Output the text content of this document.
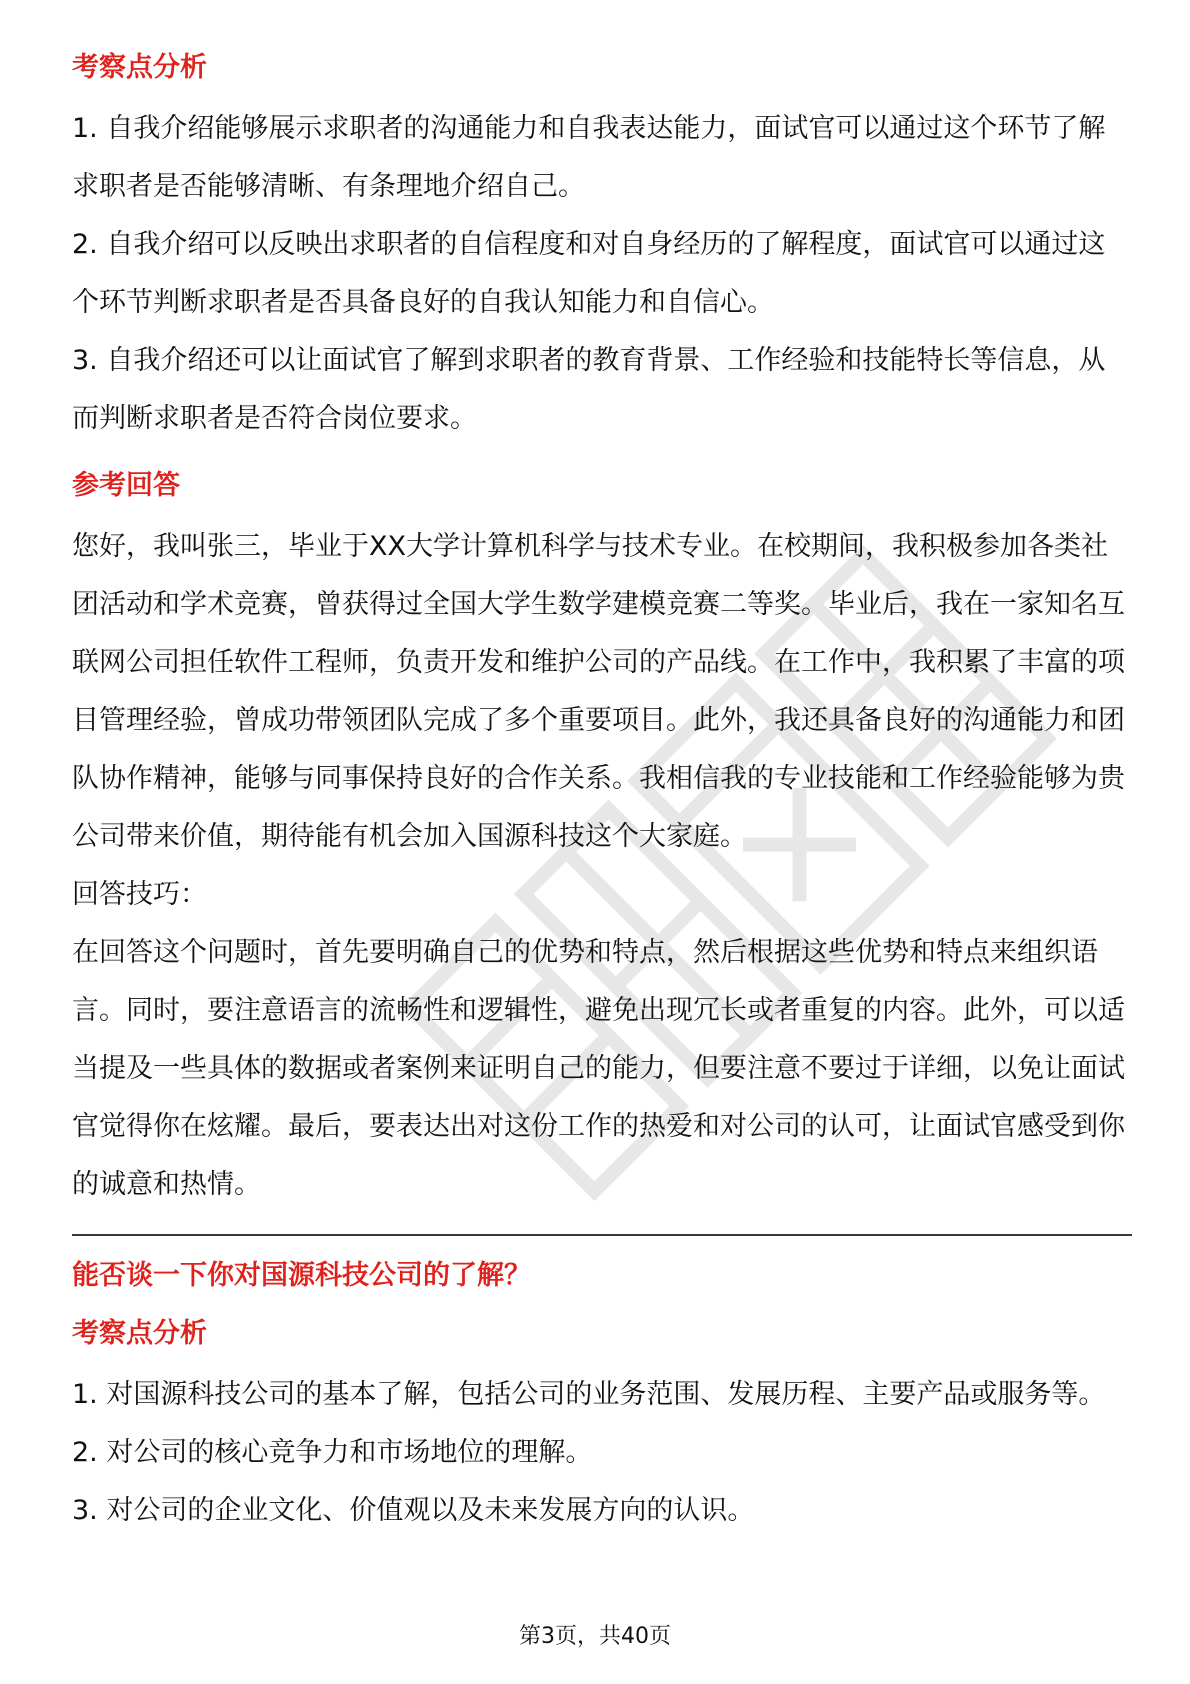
考察点分析

1. 自我介绍能够展示求职者的沟通能力和自我表达能力，面试官可以通过这个环节了解求职者是否能够清晰、有条理地介绍自己。

2. 自我介绍可以反映出求职者的自信程度和对自身经历的了解程度，面试官可以通过这个环节判断求职者是否具备良好的自我认知能力和自信心。

3. 自我介绍还可以让面试官了解到求职者的教育背景、工作经验和技能特长等信息，从而判断求职者是否符合岗位要求。

参考回答

您好，我叫张三，毕业于XX大学计算机科学与技术专业。在校期间，我积极参加各类社团活动和学术竞赛，曾获得过全国大学生数学建模竞赛二等奖。毕业后，我在一家知名互联网公司担任软件工程师，负责开发和维护公司的产品线。在工作中，我积累了丰富的项目管理经验，曾成功带领团队完成了多个重要项目。此外，我还具备良好的沟通能力和团队协作精神，能够与同事保持良好的合作关系。我相信我的专业技能和工作经验能够为贵公司带来价值，期待能有机会加入国源科技这个大家庭。

回答技巧：

在回答这个问题时，首先要明确自己的优势和特点，然后根据这些优势和特点来组织语言。同时，要注意语言的流畅性和逻辑性，避免出现冗长或者重复的内容。此外，可以适当提及一些具体的数据或者案例来证明自己的能力，但要注意不要过于详细，以免让面试官觉得你在炫耀。最后，要表达出对这份工作的热爱和对公司的认可，让面试官感受到你的诚意和热情。

能否谈一下你对国源科技公司的了解？

考察点分析

1. 对国源科技公司的基本了解，包括公司的业务范围、发展历程、主要产品或服务等。

2. 对公司的核心竞争力和市场地位的理解。

3. 对公司的企业文化、价值观以及未来发展方向的认识。

第3页，共40页
